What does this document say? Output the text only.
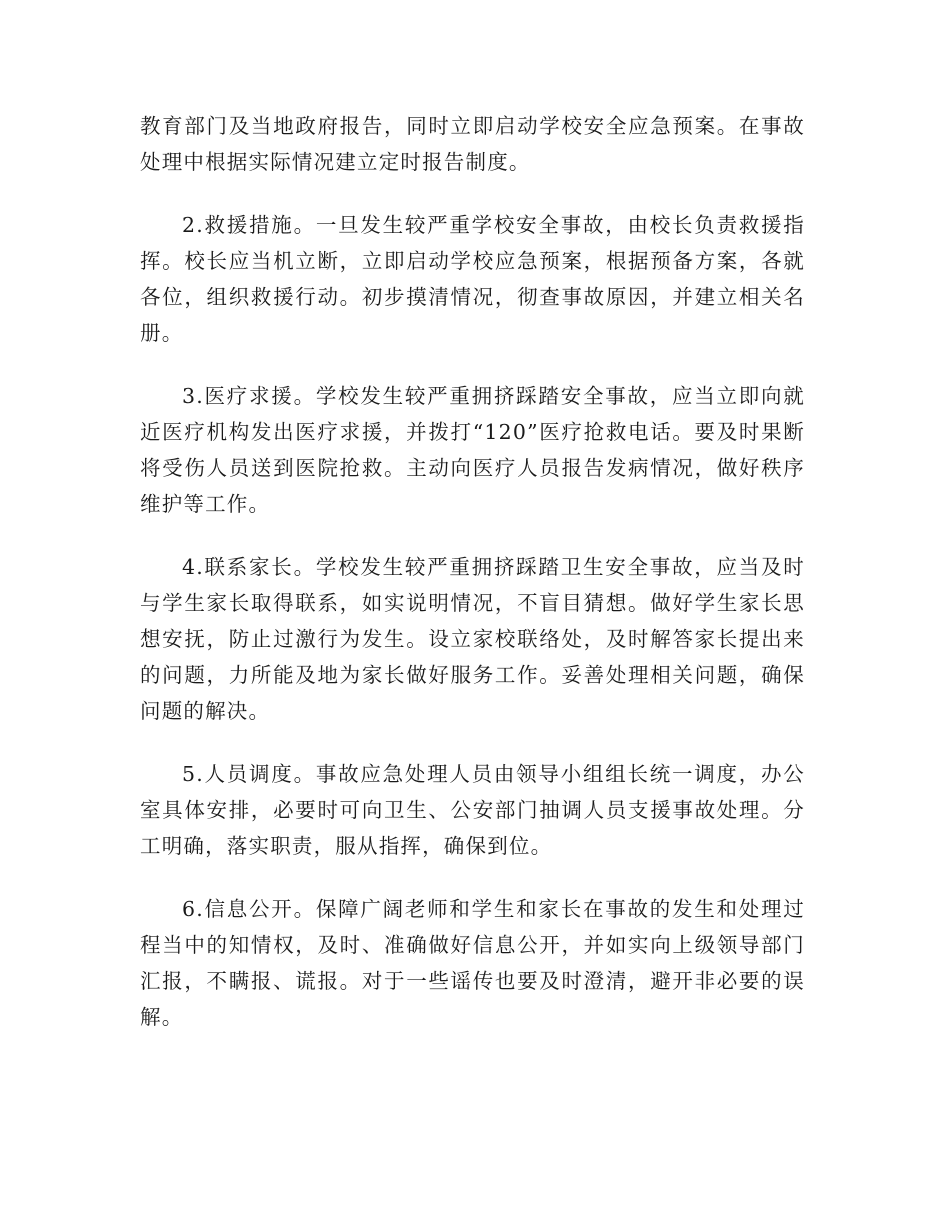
教育部门及当地政府报告，同时立即启动学校安全应急预案。在事故处理中根据实际情况建立定时报告制度。

2.救援措施。一旦发生较严重学校安全事故，由校长负责救援指挥。校长应当机立断，立即启动学校应急预案，根据预备方案，各就各位，组织救援行动。初步摸清情况，彻查事故原因，并建立相关名册。

3.医疗求援。学校发生较严重拥挤踩踏安全事故，应当立即向就近医疗机构发出医疗求援，并拨打“120”医疗抢救电话。要及时果断将受伤人员送到医院抢救。主动向医疗人员报告发病情况，做好秩序维护等工作。

4.联系家长。学校发生较严重拥挤踩踏卫生安全事故，应当及时与学生家长取得联系，如实说明情况，不盲目猜想。做好学生家长思想安抚，防止过激行为发生。设立家校联络处，及时解答家长提出来的问题，力所能及地为家长做好服务工作。妥善处理相关问题，确保问题的解决。

5.人员调度。事故应急处理人员由领导小组组长统一调度，办公室具体安排，必要时可向卫生、公安部门抽调人员支援事故处理。分工明确，落实职责，服从指挥，确保到位。

6.信息公开。保障广阔老师和学生和家长在事故的发生和处理过程当中的知情权，及时、准确做好信息公开，并如实向上级领导部门汇报，不瞒报、谎报。对于一些谣传也要及时澄清，避开非必要的误解。
